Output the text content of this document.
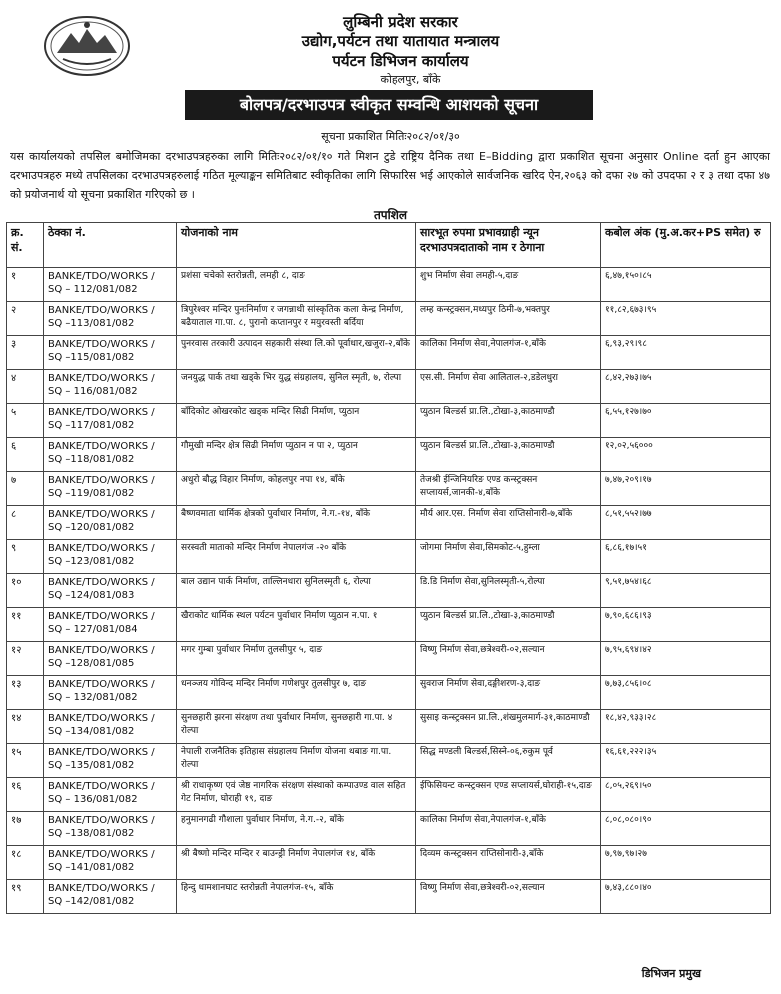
लुम्बिनी प्रदेश सरकार
उद्योग,पर्यटन तथा यातायात मन्त्रालय
पर्यटन डिभिजन कार्यालय
कोहलपुर, बाँके
बोलपत्र/दरभाउपत्र स्वीकृत सम्वन्धि आशयको सूचना
सूचना प्रकाशित मितिः२०८२/०१/३०
यस कार्यालयको तपसिल बमोजिमका दरभाउपत्रहरुका लागि मितिः२०८२/०१/१० गते मिशन टुडे राष्ट्रिय दैनिक तथा E–Bidding द्वारा प्रकाशित सूचना अनुसार Online दर्ता हुन आएका दरभाउपत्रहरु मध्ये तपसिलका दरभाउपत्रहरुलाई गठित मूल्याङ्कन समितिबाट स्वीकृतिका लागि सिफारिस भई आएकोले सार्वजनिक खरिद ऐन,२०६३ को दफा २७ को उपदफा २ र ३ तथा दफा ४७ को प्रयोजनार्थ यो सूचना प्रकाशित गरिएको छ ।
तपशिल
क्र. सं.	ठेक्का नं.	योजनाको नाम	सारभूत रुपमा प्रभावग्राही न्यून दरभाउपत्रदाताको नाम र ठेगाना	कबोल अंक (मु.अ.कर+PS समेत) रु
१	BANKE/TDO/WORKS / SQ – 112/081/082	प्रशंसा चचेको स्तरोन्नती, लमही ८, दाङ	शुभ निर्माण सेवा लमही-५,दाङ	६,४७,१५०।८५
२	BANKE/TDO/WORKS / SQ –113/081/082	त्रिपुरेश्वर मन्दिर पुनःनिर्माण र जगन्नाथी सांस्कृतिक कला केन्द्र निर्माण, बढैयाताल गा.पा. ८, पुरानो कप्तानपुर र मयुरवस्ती बर्दिया	लम्ह कन्स्ट्रक्सन,मध्यपुर ठिमी-७,भक्तपुर	११,८२,६७३।९५
३	BANKE/TDO/WORKS / SQ –115/081/082	पुनरवास तरकारी उत्पादन सहकारी संस्था लि.को पूर्वाधार,खजुरा-२,बाँके	कालिका निर्माण सेवा,नेपालगंज-१,बाँके	६,९३,२९।९८
४	BANKE/TDO/WORKS / SQ – 116/081/082	जनयुद्ध पार्क तथा खड्के भिर युद्ध संग्रहालय, सुनिल स्मृती, ७, रोल्पा	एस.सी. निर्माण सेवा आलिताल-२,डडेलधुरा	८,४२,२७३।७५
५	BANKE/TDO/WORKS / SQ –117/081/082	बाँदिकोट ओखरकोट खड्क मन्दिर सिढी निर्माण, प्युठान	प्युठान बिल्डर्स प्रा.लि.,टोखा-३,काठमाण्डौ	६,५५,१२७।७०
६	BANKE/TDO/WORKS / SQ –118/081/082	गौमुखी मन्दिर क्षेत्र सिढी निर्माण प्युठान न पा २, प्युठान	प्युठान बिल्डर्स प्रा.लि.,टोखा-३,काठमाण्डौ	१२,०२,५६०००
७	BANKE/TDO/WORKS / SQ –119/081/082	अधुरो बौद्ध विहार निर्माण, कोहलपुर नपा १४, बाँके	तेजश्री ईन्जिनियरिङ एण्ड कन्स्ट्रक्सन सप्लायर्स,जानकी-४,बाँके	७,४७,२०९।१७
८	BANKE/TDO/WORKS / SQ –120/081/082	बैष्णवमाता धार्मिक क्षेत्रको पुर्वाधार निर्माण, ने.ग.-१४, बाँके	मौर्य आर.एस. निर्माण सेवा राप्तिसोनारी-७,बाँके	८,५१,५५२।७७
९	BANKE/TDO/WORKS / SQ –123/081/082	सरस्वती माताको मन्दिर निर्माण नेपालगंज -२० बाँके	जोगमा निर्माण सेवा,सिमकोट-५,हुम्ला	६,८६,१७।५१
१०	BANKE/TDO/WORKS / SQ –124/081/083	बाल उद्यान पार्क निर्माण, ताल्लिनधारा सुनिलस्मृती ६, रोल्पा	डि.डि निर्माण सेवा,सुनिलस्मृती-५,रोल्पा	९,५१,७५४।६८
११	BANKE/TDO/WORKS / SQ – 127/081/084	खैराकोट धार्मिक स्थल पर्यटन पुर्वाधार निर्माण प्युठान न.पा. १	प्युठान बिल्डर्स प्रा.लि.,टोखा-३,काठमाण्डौ	७,९०,६८६।९३
१२	BANKE/TDO/WORKS / SQ –128/081/085	मगर गुम्बा पुर्वाधार निर्माण तुलसीपुर ५, दाङ	विष्णु निर्माण सेवा,छत्रेश्वरी-०२,सल्यान	७,९५,६९४।४२
१३	BANKE/TDO/WORKS / SQ – 132/081/082	धनञ्जय गोविन्द मन्दिर निर्माण गणेशपुर तुलसीपुर ७, दाङ	सुवराज निर्माण सेवा,दङ्गीशरण-३,दाङ	७,७३,८५६।०८
१४	BANKE/TDO/WORKS / SQ –134/081/082	सुनछहारी झरना संरक्षण तथा पुर्वाधार निर्माण, सुनछहारी गा.पा. ४ रोल्पा	सुसाइ कन्स्ट्रक्सन प्रा.लि.,शंखमुलमार्ग-३१,काठमाण्डौ	१८,४२,९३३।२८
१५	BANKE/TDO/WORKS / SQ –135/081/082	नेपाली राजनैतिक इतिहास संग्रहालय निर्माण योजना थबाङ गा.पा. रोल्पा	सिद्ध मण्डली बिल्डर्स,सिस्ने-०६,रुकुम पूर्व	१६,६१,२२२।३५
१६	BANKE/TDO/WORKS / SQ – 136/081/082	श्री राधाकृष्ण एवं जेष्ठ नागरिक संरक्षण संस्थाको कम्पाउण्ड वाल सहित गेट निर्माण, घोराही १९, दाङ	ईफिसियन्ट कन्स्ट्रक्सन एण्ड सप्लायर्स,घोराही-१५,दाङ	८,०५,२६९।५०
१७	BANKE/TDO/WORKS / SQ –138/081/082	हनुमानगढी गौशाला पुर्वाधार निर्माण, ने.ग.-२, बाँके	कालिका निर्माण सेवा,नेपालगंज-१,बाँके	८,०८,०८०।९०
१८	BANKE/TDO/WORKS / SQ –141/081/082	श्री बैष्णो मन्दिर मन्दिर र बाउन्ड्री निर्माण नेपालगंज १४, बाँके	दिव्यम कन्स्ट्रक्सन राप्तिसोनारी-३,बाँके	७,९७,९७।२७
१९	BANKE/TDO/WORKS / SQ –142/081/082	हिन्दु धामशानघाट स्तरोन्नती नेपालगंज-१५, बाँके	विष्णु निर्माण सेवा,छत्रेश्वरी-०२,सल्यान	७,४३,८८०।४०
डिभिजन प्रमुख
